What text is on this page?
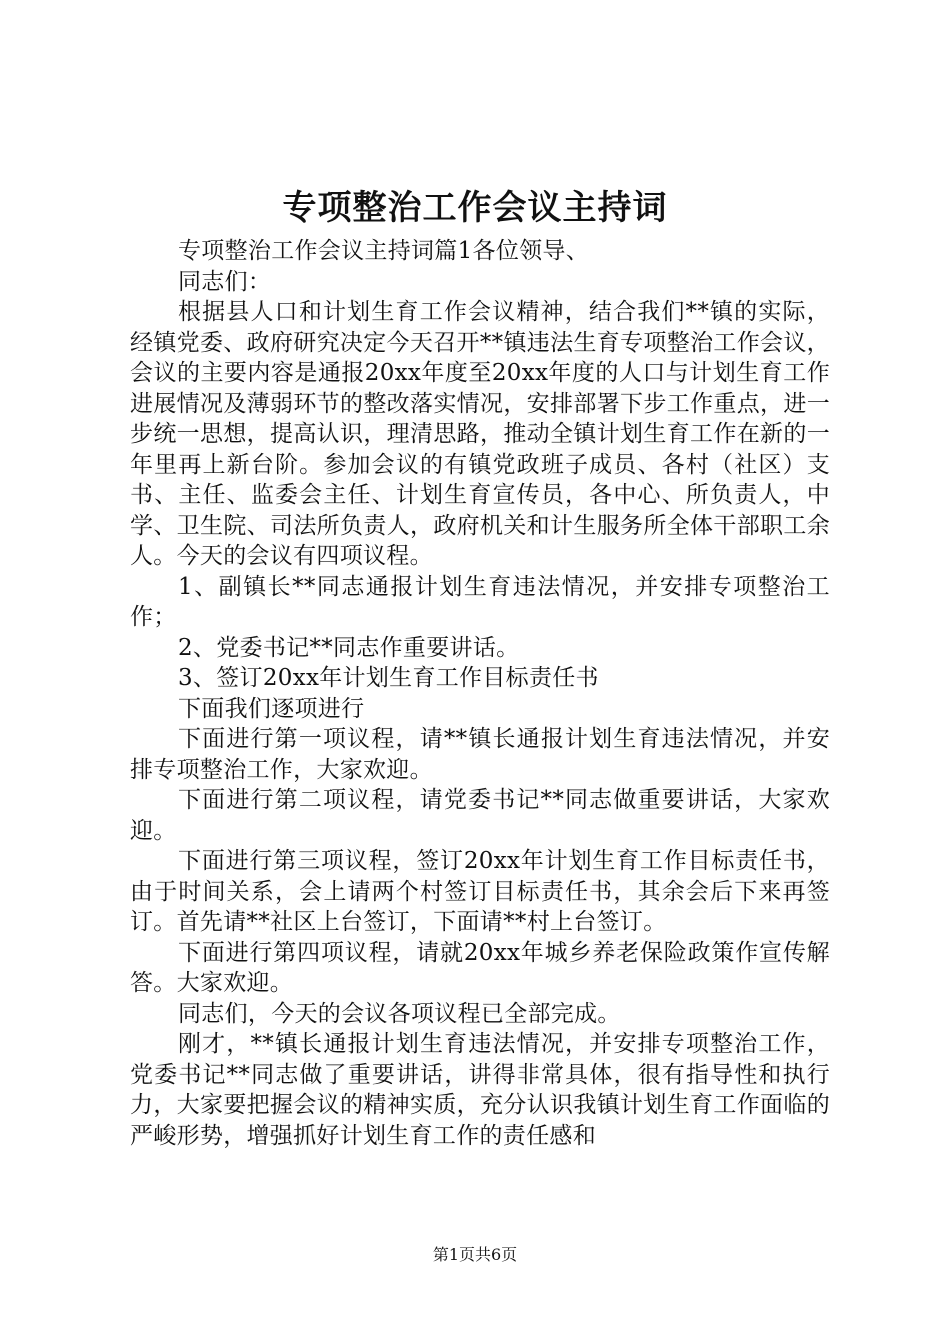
专项整治工作会议主持词

专项整治工作会议主持词篇1各位领导、

同志们：

根据县人口和计划生育工作会议精神，结合我们**镇的实际，经镇党委、政府研究决定今天召开**镇违法生育专项整治工作会议，会议的主要内容是通报20xx年度至20xx年度的人口与计划生育工作进展情况及薄弱环节的整改落实情况，安排部署下步工作重点，进一步统一思想，提高认识，理清思路，推动全镇计划生育工作在新的一年里再上新台阶。参加会议的有镇党政班子成员、各村（社区）支书、主任、监委会主任、计划生育宣传员，各中心、所负责人，中学、卫生院、司法所负责人，政府机关和计生服务所全体干部职工余人。今天的会议有四项议程。

1、副镇长**同志通报计划生育违法情况，并安排专项整治工作；

2、党委书记**同志作重要讲话。

3、签订20xx年计划生育工作目标责任书

下面我们逐项进行

下面进行第一项议程，请**镇长通报计划生育违法情况，并安排专项整治工作，大家欢迎。

下面进行第二项议程，请党委书记**同志做重要讲话，大家欢迎。

下面进行第三项议程，签订20xx年计划生育工作目标责任书，由于时间关系，会上请两个村签订目标责任书，其余会后下来再签订。首先请**社区上台签订，下面请**村上台签订。

下面进行第四项议程，请就20xx年城乡养老保险政策作宣传解答。大家欢迎。

同志们，今天的会议各项议程已全部完成。

刚才，**镇长通报计划生育违法情况，并安排专项整治工作，党委书记**同志做了重要讲话，讲得非常具体，很有指导性和执行力，大家要把握会议的精神实质，充分认识我镇计划生育工作面临的严峻形势，增强抓好计划生育工作的责任感和

第1页共6页
